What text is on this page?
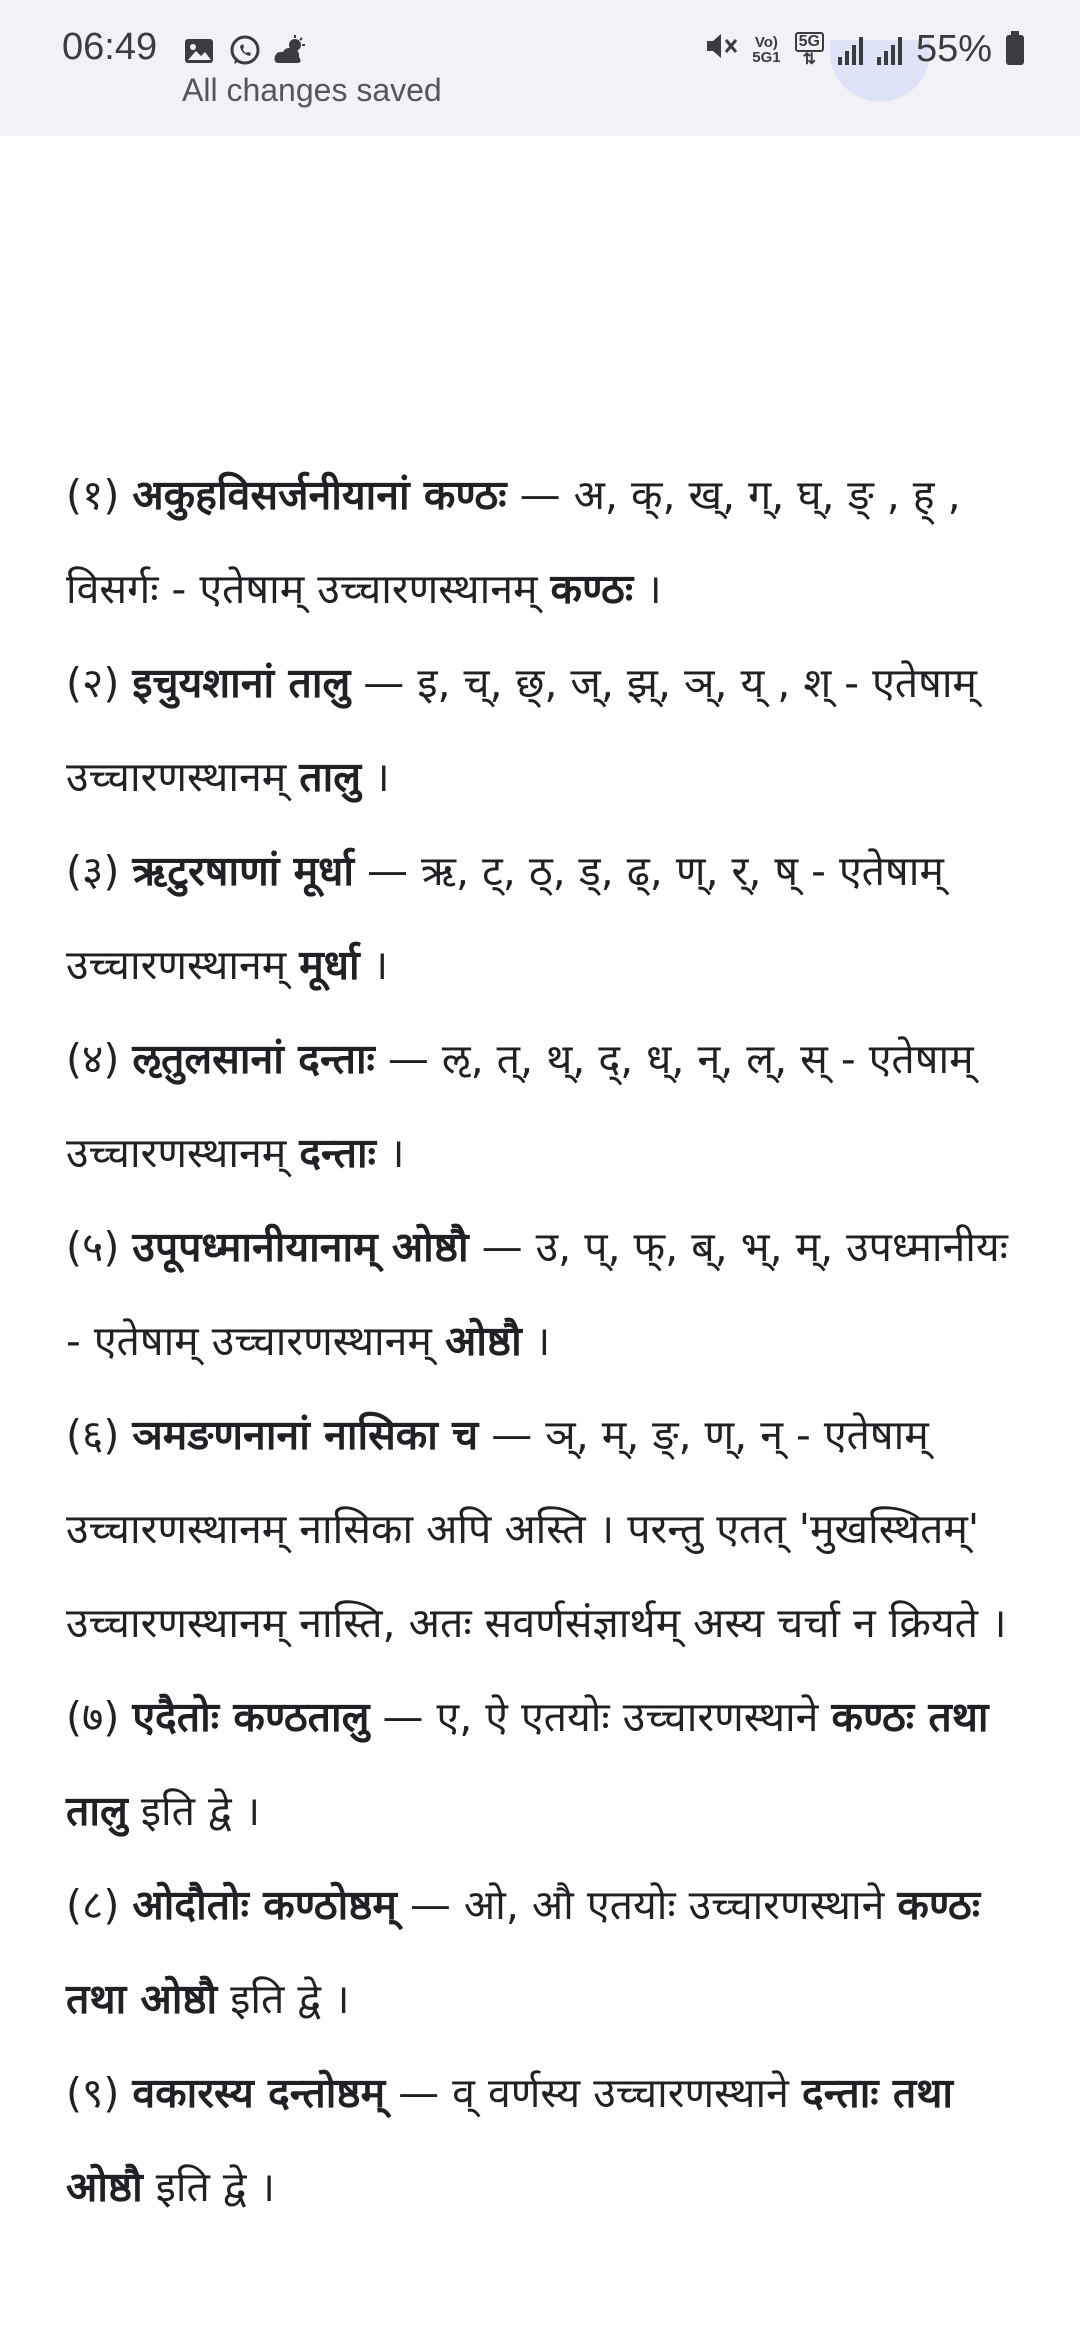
06:49
All changes saved
Vo)
5G1
5G
⇅	55%

(१) अकुहविसर्जनीयानां कण्ठः — अ, क्, ख्, ग्, घ्, ङ् , ह् , विसर्गः - एतेषाम् उच्चारणस्थानम् कण्ठः ।

(२) इचुयशानां तालु — इ, च्, छ्, ज्, झ्, ञ्, य् , श् - एतेषाम् उच्चारणस्थानम् तालु ।

(३) ऋटुरषाणां मूर्धा — ऋ, ट्, ठ्, ड्, ढ्, ण्, र्, ष् - एतेषाम् उच्चारणस्थानम् मूर्धा ।

(४) ऌतुलसानां दन्ताः — ऌ, त्, थ्, द्, ध्, न्, ल्, स् - एतेषाम् उच्चारणस्थानम् दन्ताः ।

(५) उपूपध्मानीयानाम् ओष्ठौ — उ, प्, फ्, ब्, भ्, म्, उपध्मानीयः - एतेषाम् उच्चारणस्थानम् ओष्ठौ ।

(६) ञमङणनानां नासिका च — ञ्, म्, ङ्, ण्, न् - एतेषाम् उच्चारणस्थानम् नासिका अपि अस्ति । परन्तु एतत् 'मुखस्थितम्' उच्चारणस्थानम् नास्ति, अतः सवर्णसंज्ञार्थम् अस्य चर्चा न क्रियते ।

(७) एदैतोः कण्ठतालु — ए, ऐ एतयोः उच्चारणस्थाने कण्ठः तथा तालु इति द्वे ।

(८) ओदौतोः कण्ठोष्ठम् — ओ, औ एतयोः उच्चारणस्थाने कण्ठः तथा ओष्ठौ इति द्वे ।

(९) वकारस्य दन्तोष्ठम् — व् वर्णस्य उच्चारणस्थाने दन्ताः तथा ओष्ठौ इति द्वे ।
